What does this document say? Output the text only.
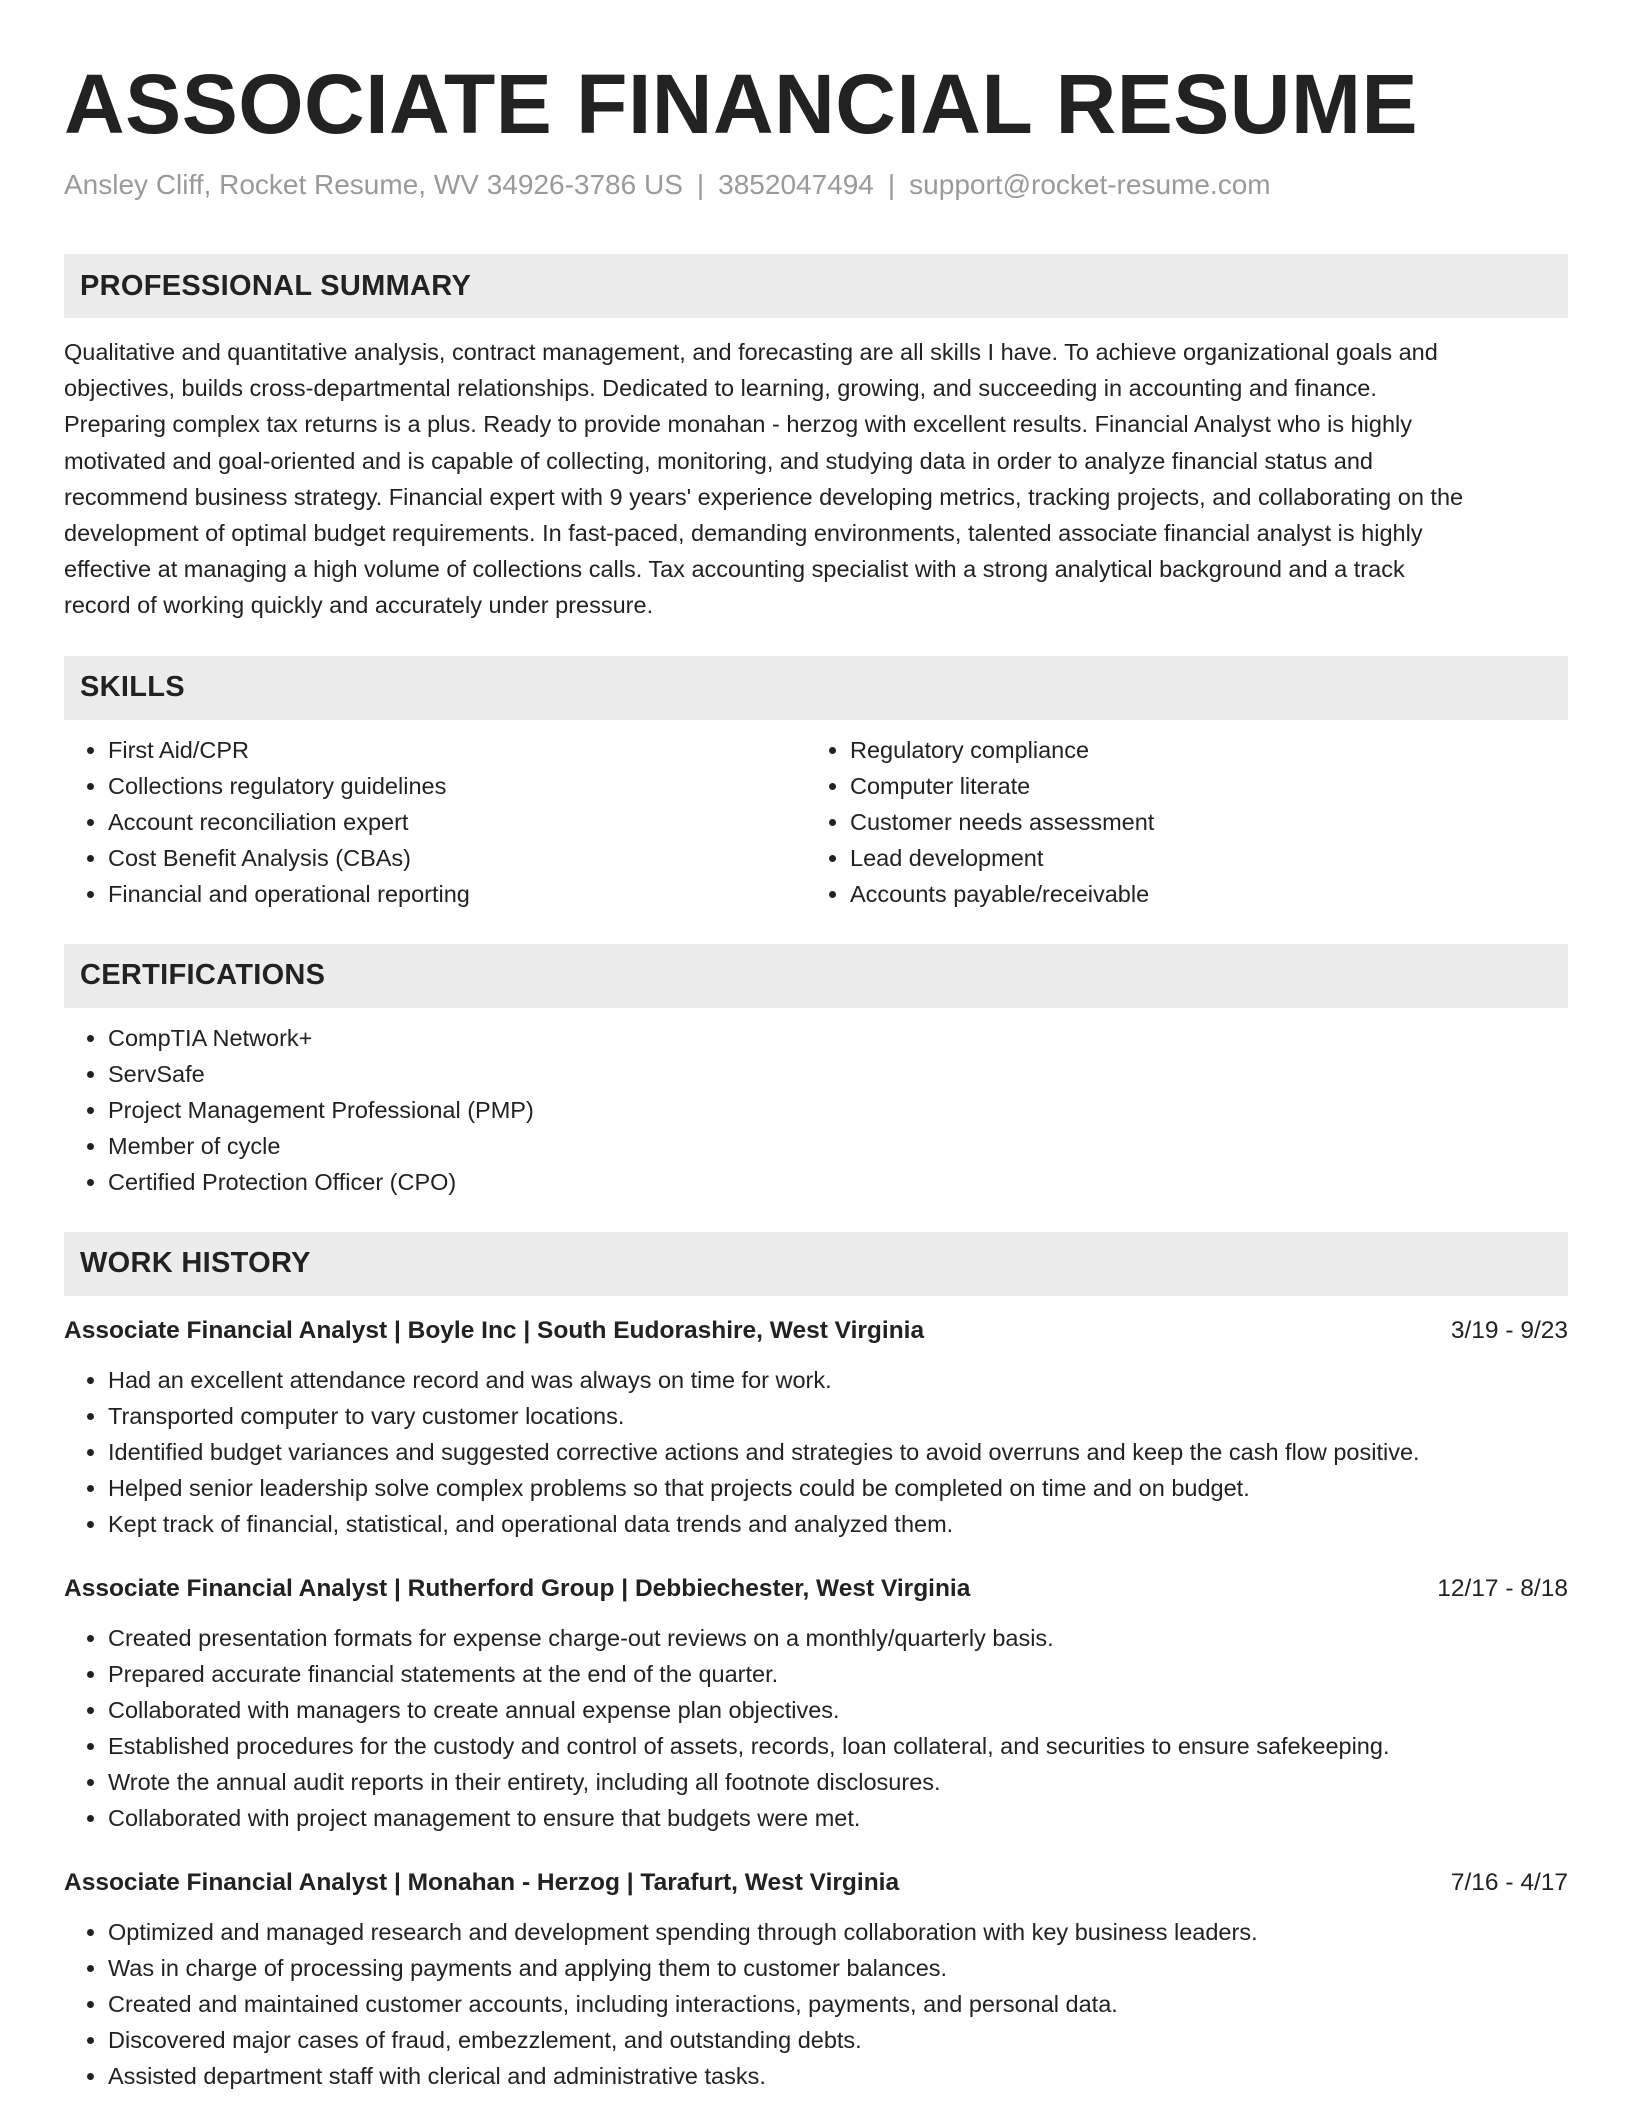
ASSOCIATE FINANCIAL RESUME
Ansley Cliff, Rocket Resume, WV 34926-3786 US | 3852047494 | support@rocket-resume.com
PROFESSIONAL SUMMARY
Qualitative and quantitative analysis, contract management, and forecasting are all skills I have. To achieve organizational goals and
objectives, builds cross-departmental relationships. Dedicated to learning, growing, and succeeding in accounting and finance.
Preparing complex tax returns is a plus. Ready to provide monahan - herzog with excellent results. Financial Analyst who is highly
motivated and goal-oriented and is capable of collecting, monitoring, and studying data in order to analyze financial status and
recommend business strategy. Financial expert with 9 years' experience developing metrics, tracking projects, and collaborating on the
development of optimal budget requirements. In fast-paced, demanding environments, talented associate financial analyst is highly
effective at managing a high volume of collections calls. Tax accounting specialist with a strong analytical background and a track
record of working quickly and accurately under pressure.
SKILLS
• First Aid/CPR
• Collections regulatory guidelines
• Account reconciliation expert
• Cost Benefit Analysis (CBAs)
• Financial and operational reporting
• Regulatory compliance
• Computer literate
• Customer needs assessment
• Lead development
• Accounts payable/receivable
CERTIFICATIONS
• CompTIA Network+
• ServSafe
• Project Management Professional (PMP)
• Member of cycle
• Certified Protection Officer (CPO)
WORK HISTORY
Associate Financial Analyst | Boyle Inc | South Eudorashire, West Virginia	3/19 - 9/23
• Had an excellent attendance record and was always on time for work.
• Transported computer to vary customer locations.
• Identified budget variances and suggested corrective actions and strategies to avoid overruns and keep the cash flow positive.
• Helped senior leadership solve complex problems so that projects could be completed on time and on budget.
• Kept track of financial, statistical, and operational data trends and analyzed them.
Associate Financial Analyst | Rutherford Group | Debbiechester, West Virginia	12/17 - 8/18
• Created presentation formats for expense charge-out reviews on a monthly/quarterly basis.
• Prepared accurate financial statements at the end of the quarter.
• Collaborated with managers to create annual expense plan objectives.
• Established procedures for the custody and control of assets, records, loan collateral, and securities to ensure safekeeping.
• Wrote the annual audit reports in their entirety, including all footnote disclosures.
• Collaborated with project management to ensure that budgets were met.
Associate Financial Analyst | Monahan - Herzog | Tarafurt, West Virginia	7/16 - 4/17
• Optimized and managed research and development spending through collaboration with key business leaders.
• Was in charge of processing payments and applying them to customer balances.
• Created and maintained customer accounts, including interactions, payments, and personal data.
• Discovered major cases of fraud, embezzlement, and outstanding debts.
• Assisted department staff with clerical and administrative tasks.
